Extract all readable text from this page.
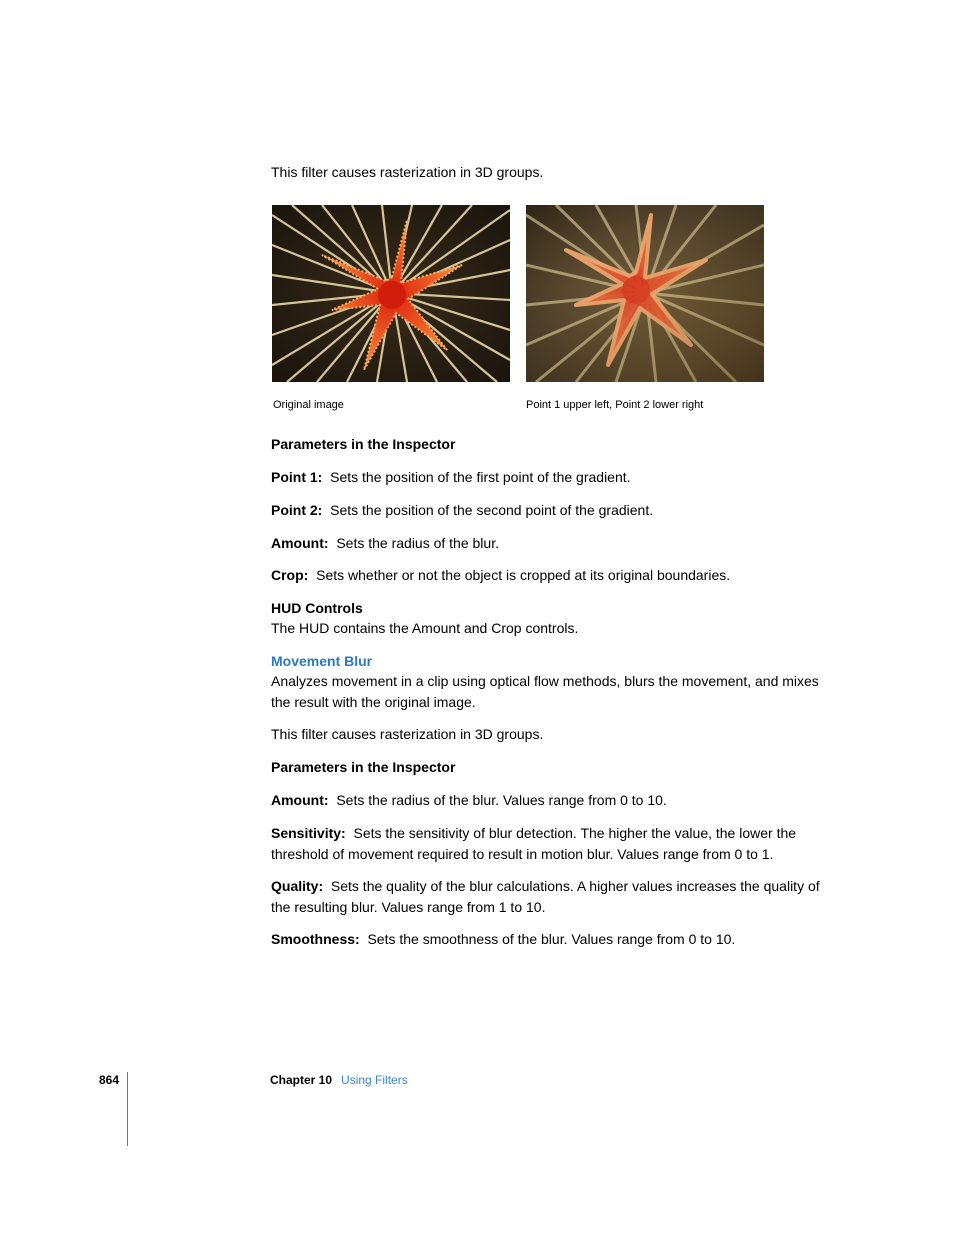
This filter causes rasterization in 3D groups.

Original image	Point 1 upper left, Point 2 lower right

Parameters in the Inspector

Point 1: Sets the position of the first point of the gradient.

Point 2: Sets the position of the second point of the gradient.

Amount: Sets the radius of the blur.

Crop: Sets whether or not the object is cropped at its original boundaries.

HUD Controls

The HUD contains the Amount and Crop controls.

Movement Blur

Analyzes movement in a clip using optical flow methods, blurs the movement, and mixes the result with the original image.

This filter causes rasterization in 3D groups.

Parameters in the Inspector

Amount: Sets the radius of the blur. Values range from 0 to 10.

Sensitivity: Sets the sensitivity of blur detection. The higher the value, the lower the threshold of movement required to result in motion blur. Values range from 0 to 1.

Quality: Sets the quality of the blur calculations. A higher values increases the quality of the resulting blur. Values range from 1 to 10.

Smoothness: Sets the smoothness of the blur. Values range from 0 to 10.

864	Chapter 10 Using Filters
